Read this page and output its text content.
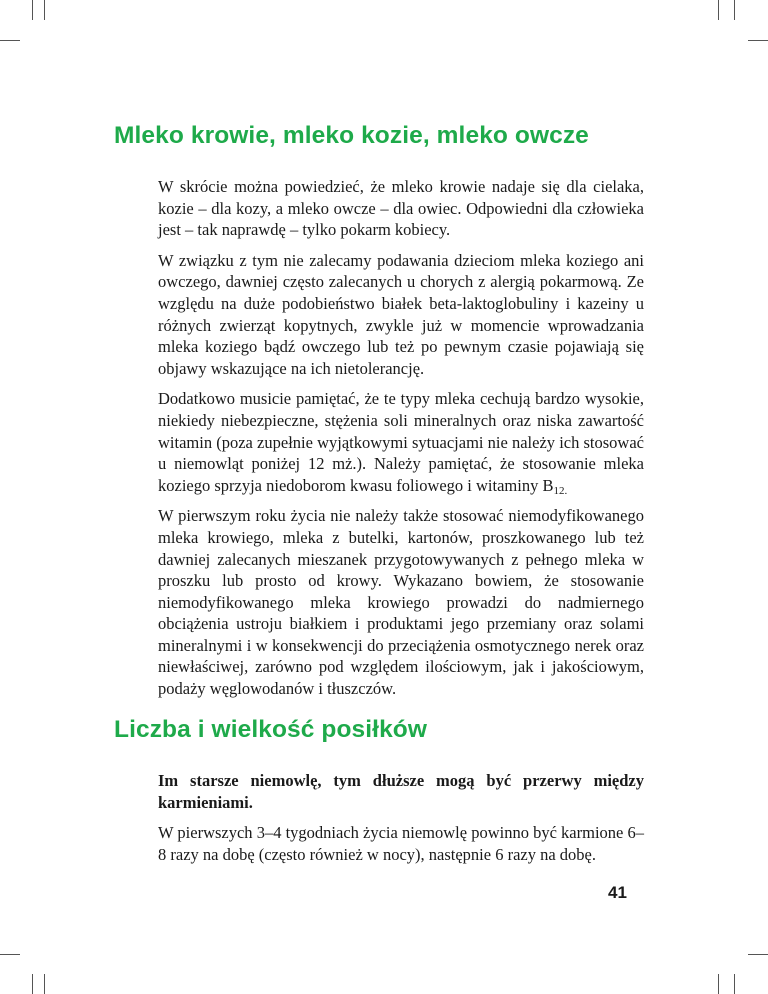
Mleko krowie, mleko kozie, mleko owcze

W skrócie można powiedzieć, że mleko krowie nadaje się dla cielaka, kozie – dla kozy, a mleko owcze – dla owiec. Odpowiedni dla człowieka jest – tak naprawdę – tylko pokarm kobiecy.

W związku z tym nie zalecamy podawania dzieciom mleka koziego ani owczego, dawniej często zalecanych u chorych z alergią pokarmową. Ze względu na duże podobieństwo białek beta-laktoglobuliny i kazeiny u różnych zwierząt kopytnych, zwykle już w momencie wprowadzania mleka koziego bądź owczego lub też po pewnym czasie pojawiają się objawy wskazujące na ich nietolerancję.

Dodatkowo musicie pamiętać, że te typy mleka cechują bardzo wysokie, niekiedy niebezpieczne, stężenia soli mineralnych oraz niska zawartość witamin (poza zupełnie wyjątkowymi sytuacjami nie należy ich stosować u niemowląt poniżej 12 mż.). Należy pamiętać, że stosowanie mleka koziego sprzyja niedoborom kwasu foliowego i witaminy $B_{12.}$

W pierwszym roku życia nie należy także stosować niemodyfikowanego mleka krowiego, mleka z butelki, kartonów, proszkowanego lub też dawniej zalecanych mieszanek przygotowywanych z pełnego mleka w proszku lub prosto od krowy. Wykazano bowiem, że stosowanie niemodyfikowanego mleka krowiego prowadzi do nadmiernego obciążenia ustroju białkiem i produktami jego przemiany oraz solami mineralnymi i w konsekwencji do przeciążenia osmotycznego nerek oraz niewłaściwej, zarówno pod względem ilościowym, jak i jakościowym, podaży węglowodanów i tłuszczów.

Liczba i wielkość posiłków

Im starsze niemowlę, tym dłuższe mogą być przerwy między karmieniami.

W pierwszych 3–4 tygodniach życia niemowlę powinno być karmione 6–8 razy na dobę (często również w nocy), następnie 6 razy na dobę.

41
